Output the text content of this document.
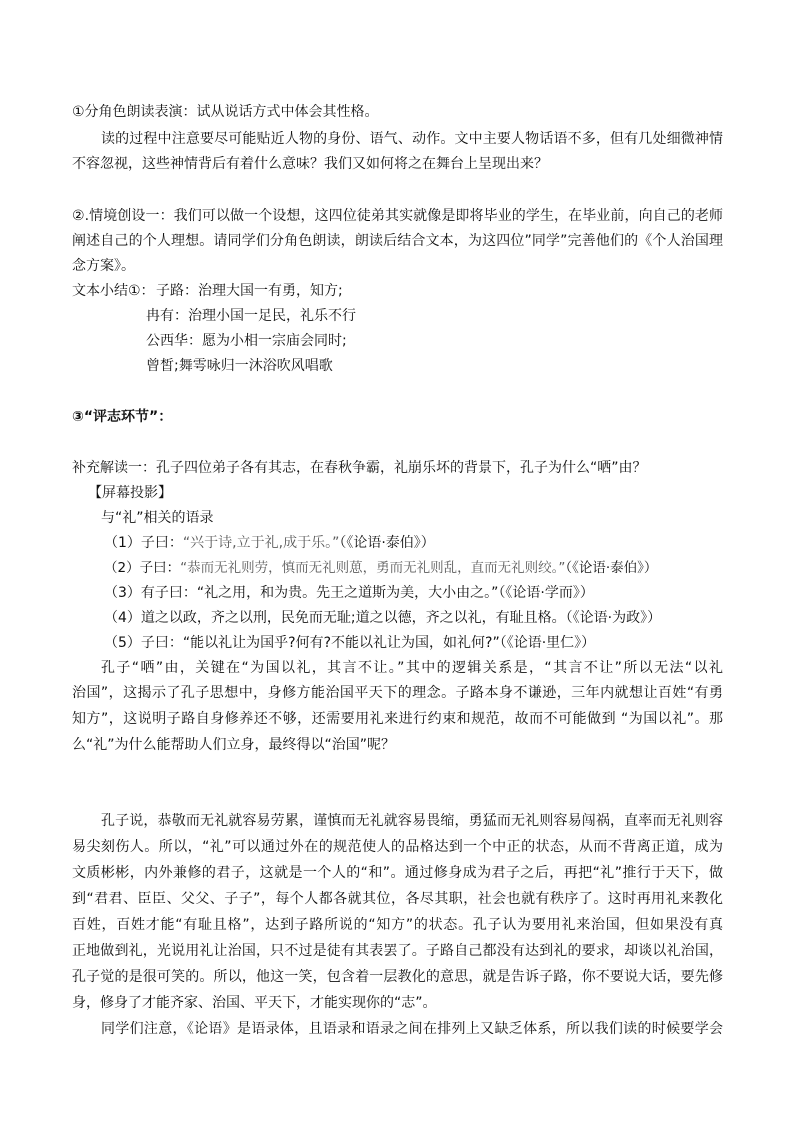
①分角色朗读表演：试从说话方式中体会其性格。
读的过程中注意要尽可能贴近人物的身份、语气、动作。文中主要人物话语不多，但有几处细微神情
不容忽视，这些神情背后有着什么意味？我们又如何将之在舞台上呈现出来？
②.情境创设一：我们可以做一个设想，这四位徒弟其实就像是即将毕业的学生，在毕业前，向自己的老师
阐述自己的个人理想。请同学们分角色朗读，朗读后结合文本，为这四位”同学”完善他们的《个人治国理
念方案》。
文本小结①： 子路：治理大国一有勇，知方;
冉有：治理小国一足民，礼乐不行
公西华：愿为小相一宗庙会同时;
曾皙;舞雩咏归一沐浴吹风唱歌
③“评志环节”：
补充解读一：孔子四位弟子各有其志，在春秋争霸，礼崩乐坏的背景下，孔子为什么“哂”由？
【屏幕投影】
与“礼”相关的语录
（1）子曰：“兴于诗,立于礼,成于乐。”（《论语·泰伯》）
（2）子曰：“恭而无礼则劳，慎而无礼则葸，勇而无礼则乱，直而无礼则绞。”（《论语·泰伯》）
（3）有子曰：“礼之用，和为贵。先王之道斯为美，大小由之。”（《论语·学而》）
（4）道之以政，齐之以刑，民免而无耻;道之以德，齐之以礼，有耻且格。（《论语·为政》）
（5）子曰：“能以礼让为国乎?何有?不能以礼让为国，如礼何?”（《论语·里仁》）
孔子“哂”由，关键在“为国以礼，其言不让。”其中的逻辑关系是，“其言不让”所以无法“以礼
治国”，这揭示了孔子思想中，身修方能治国平天下的理念。子路本身不谦逊，三年内就想让百姓“有勇
知方”，这说明子路自身修养还不够，还需要用礼来进行约束和规范，故而不可能做到 “为国以礼”。那
么“礼”为什么能帮助人们立身，最终得以“治国”呢？
孔子说，恭敬而无礼就容易劳累，谨慎而无礼就容易畏缩，勇猛而无礼则容易闯祸，直率而无礼则容
易尖刻伤人。所以，“礼”可以通过外在的规范使人的品格达到一个中正的状态，从而不背离正道，成为
文质彬彬，内外兼修的君子，这就是一个人的“和”。通过修身成为君子之后，再把“礼”推行于天下，做
到“君君、臣臣、父父、子子”，每个人都各就其位，各尽其职，社会也就有秩序了。这时再用礼来教化
百姓，百姓才能“有耻且格”，达到子路所说的“知方”的状态。孔子认为要用礼来治国，但如果没有真
正地做到礼，光说用礼让治国，只不过是徒有其表罢了。子路自己都没有达到礼的要求，却谈以礼治国，
孔子觉的是很可笑的。所以，他这一笑，包含着一层教化的意思，就是告诉子路，你不要说大话，要先修
身，修身了才能齐家、治国、平天下，才能实现你的“志”。
同学们注意，《论语》是语录体，且语录和语录之间在排列上又缺乏体系，所以我们读的时候要学会
